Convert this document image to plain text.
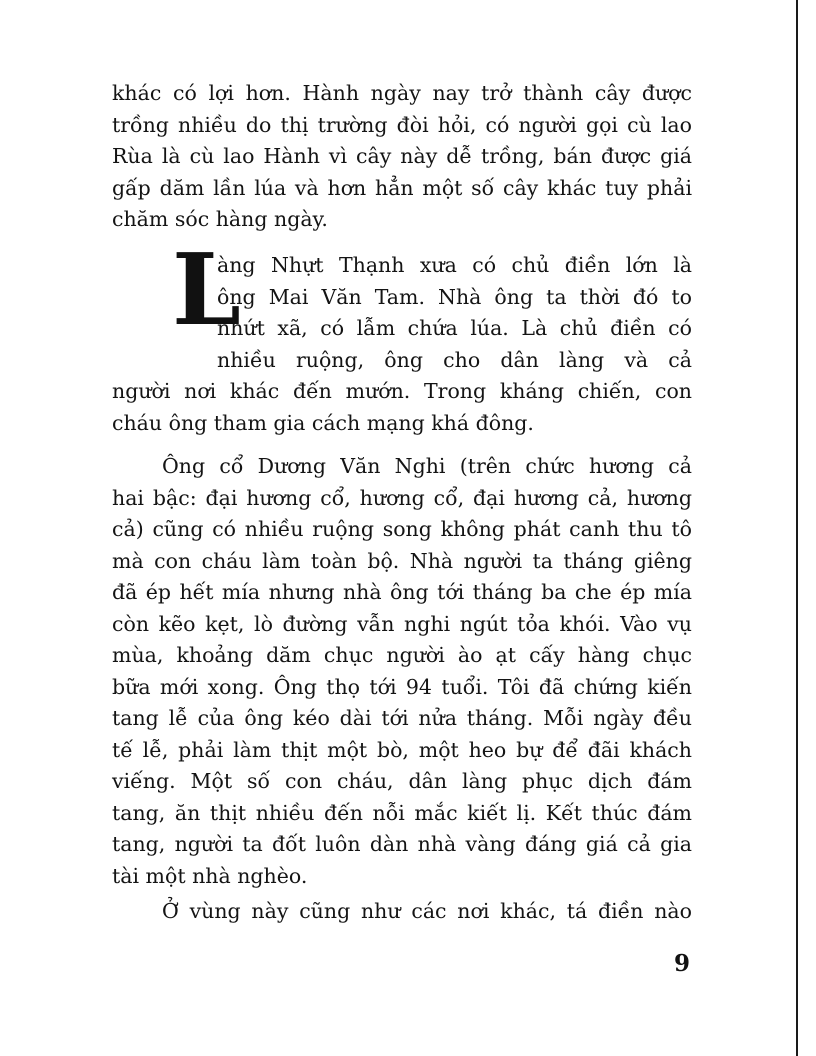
khác có lợi hơn. Hành ngày nay trở thành cây được
trồng nhiều do thị trường đòi hỏi, có người gọi cù lao
Rùa là cù lao Hành vì cây này dễ trồng, bán được giá
gấp dăm lần lúa và hơn hẳn một số cây khác tuy phải
chăm sóc hàng ngày.
L
àng Nhựt Thạnh xưa có chủ điền lớn là
ông Mai Văn Tam. Nhà ông ta thời đó to
nhứt xã, có lẫm chứa lúa. Là chủ điền có
nhiều ruộng, ông cho dân làng và cả
người nơi khác đến mướn. Trong kháng chiến, con
cháu ông tham gia cách mạng khá đông.
Ông cổ Dương Văn Nghi (trên chức hương cả
hai bậc: đại hương cổ, hương cổ, đại hương cả, hương
cả) cũng có nhiều ruộng song không phát canh thu tô
mà con cháu làm toàn bộ. Nhà người ta tháng giêng
đã ép hết mía nhưng nhà ông tới tháng ba che ép mía
còn kẽo kẹt, lò đường vẫn nghi ngút tỏa khói. Vào vụ
mùa, khoảng dăm chục người ào ạt cấy hàng chục
bữa mới xong. Ông thọ tới 94 tuổi. Tôi đã chứng kiến
tang lễ của ông kéo dài tới nửa tháng. Mỗi ngày đều
tế lễ, phải làm thịt một bò, một heo bự để đãi khách
viếng. Một số con cháu, dân làng phục dịch đám
tang, ăn thịt nhiều đến nỗi mắc kiết lị. Kết thúc đám
tang, người ta đốt luôn dàn nhà vàng đáng giá cả gia
tài một nhà nghèo.
Ở vùng này cũng như các nơi khác, tá điền nào
9
